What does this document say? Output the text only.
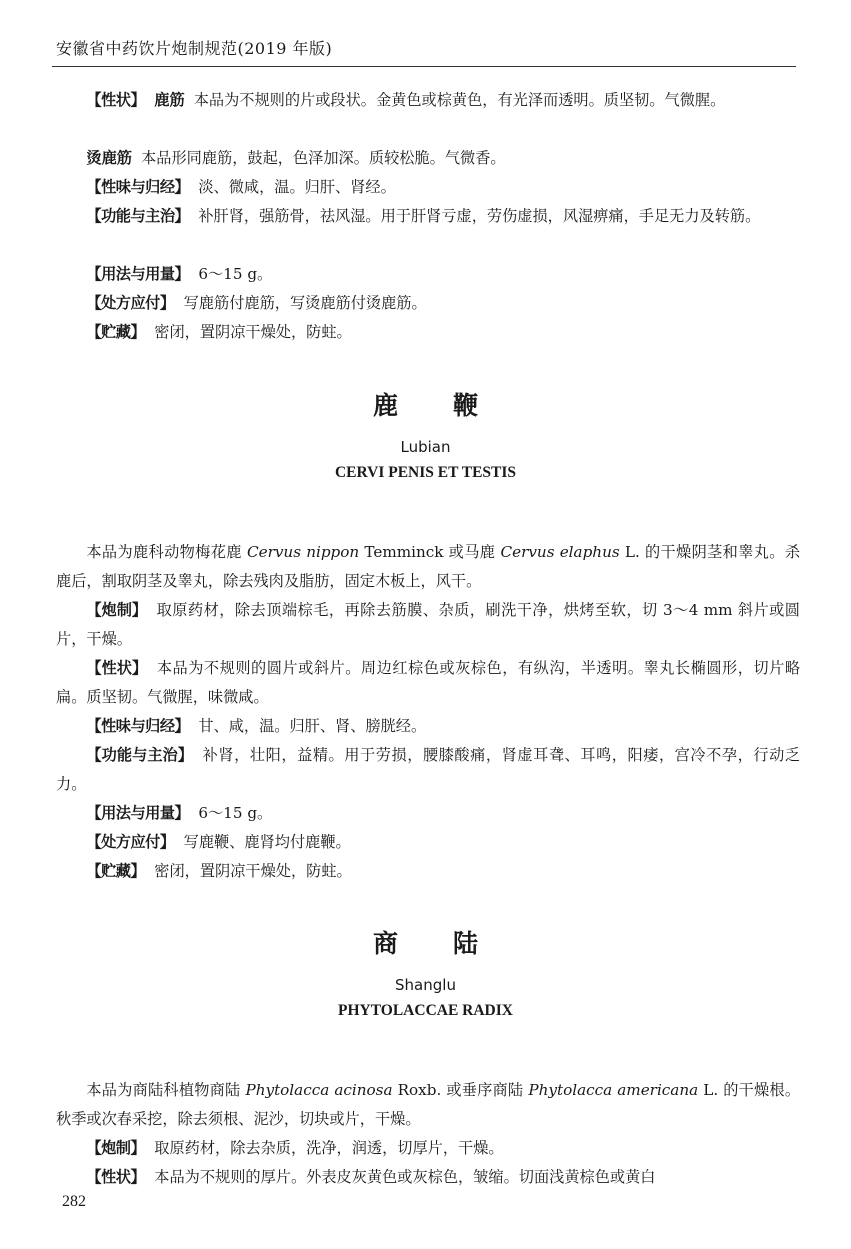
安徽省中药饮片炮制规范(2019 年版)

【性状】 鹿筋 本品为不规则的片或段状。金黄色或棕黄色，有光泽而透明。质坚韧。气微腥。

烫鹿筋 本品形同鹿筋，鼓起，色泽加深。质较松脆。气微香。

【性味与归经】 淡、微咸，温。归肝、肾经。

【功能与主治】 补肝肾，强筋骨，祛风湿。用于肝肾亏虚，劳伤虚损，风湿痹痛，手足无力及转筋。

【用法与用量】 6～15 g。

【处方应付】 写鹿筋付鹿筋，写烫鹿筋付烫鹿筋。

【贮藏】 密闭，置阴凉干燥处，防蛀。

鹿鞭
Lubian
CERVI PENIS ET TESTIS

本品为鹿科动物梅花鹿 Cervus nippon Temminck 或马鹿 Cervus elaphus L. 的干燥阴茎和睾丸。杀鹿后，割取阴茎及睾丸，除去残肉及脂肪，固定木板上，风干。

【炮制】 取原药材，除去顶端棕毛，再除去筋膜、杂质，刷洗干净，烘烤至软，切 3～4 mm 斜片或圆片，干燥。

【性状】 本品为不规则的圆片或斜片。周边红棕色或灰棕色，有纵沟，半透明。睾丸长椭圆形，切片略扁。质坚韧。气微腥，味微咸。

【性味与归经】 甘、咸，温。归肝、肾、膀胱经。

【功能与主治】 补肾，壮阳，益精。用于劳损，腰膝酸痛，肾虚耳聋、耳鸣，阳痿，宫冷不孕，行动乏力。

【用法与用量】 6～15 g。

【处方应付】 写鹿鞭、鹿肾均付鹿鞭。

【贮藏】 密闭，置阴凉干燥处，防蛀。

商陆
Shanglu
PHYTOLACCAE RADIX

本品为商陆科植物商陆 Phytolacca acinosa Roxb. 或垂序商陆 Phytolacca americana L. 的干燥根。秋季或次春采挖，除去须根、泥沙，切块或片，干燥。

【炮制】 取原药材，除去杂质，洗净，润透，切厚片，干燥。

【性状】 本品为不规则的厚片。外表皮灰黄色或灰棕色，皱缩。切面浅黄棕色或黄白

282
